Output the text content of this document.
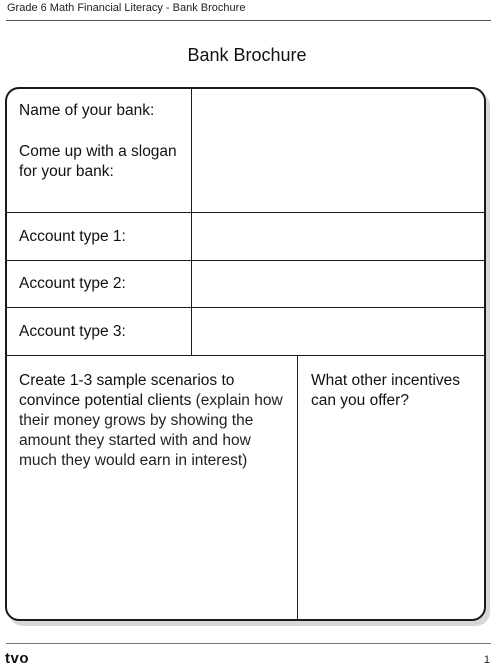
Grade 6 Math Financial Literacy - Bank Brochure
Bank Brochure
Name of your bank:
Come up with a slogan for your bank:
Account type 1:
Account type 2:
Account type 3:
Create 1-3 sample scenarios to convince potential clients (explain how their money grows by showing the amount they started with and how much they would earn in interest)
What other incentives can you offer?
tvo	1
